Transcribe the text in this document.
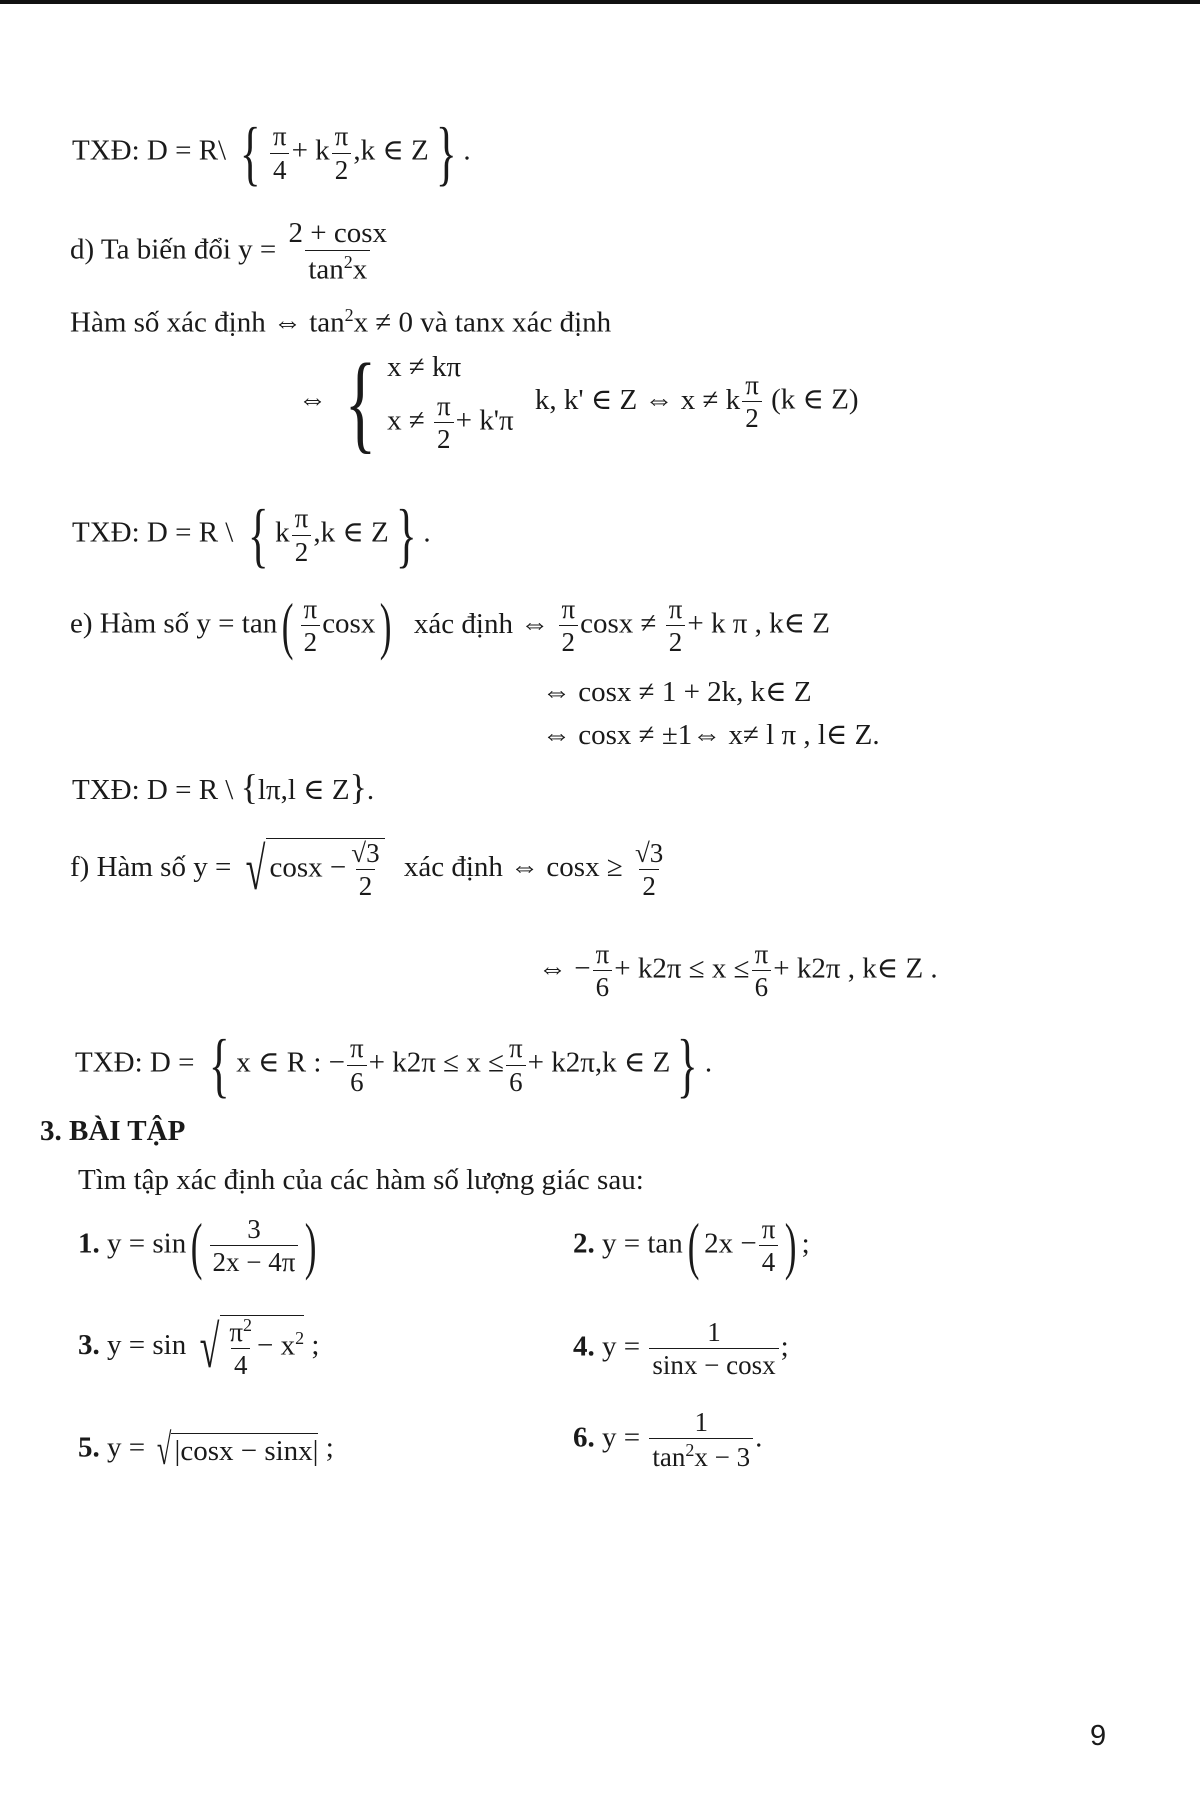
TXĐ: D = R\ { $\frac{\pi}{4} + k \frac{\pi}{2} ,k$ ∈ Z} .
d) Ta biến đổi $y = \frac{2 + \cos x}{\tan^2x}$
Hàm số xác định ⇔ $\tan^2x \ne 0$ và tanx xác định
⇔ { x ≠ kπ
$x \ne \frac{\pi}{2} + k'\pi$
k, k' ∈ Z ⇔ x ≠ k $\frac{\pi}{2} (k$ ∈ Z)
TXĐ: D = R \ { k $\frac{\pi}{2} ,k$ ∈ Z} .
e) Hàm số $y = \tan( \frac{\pi}{2} \cos x)$ xác định ⇔ $\frac{\pi}{2}$ $\cos x \ne \frac{\pi}{2} + k$ π , k∈ Z
⇔ cosx ≠ 1 + 2k, k∈ Z
⇔ cosx ≠ ±1⇔ x≠ l π , l∈ Z.
TXĐ: D = R \ {lπ,l ∈ Z}.
f) Hàm số y = √ $\cos x - \frac{√3}{2}$ xác định ⇔ $\cos x \ge \frac{√3}{2}$
⇔ − $\frac{\pi}{6} + k2\pi \le x \le \frac{\pi}{6} + k2\pi$ , k∈ Z .
TXĐ: D = { x ∈ R : − $\frac{\pi}{6} + k2\pi \le x \le \frac{\pi}{6} + k2\pi,k$ ∈ Z} .
3. BÀI TẬP
Tìm tập xác định của các hàm số lượng giác sau:
1. $y = \sin( \frac{3}{2x - 4\pi}$ )	2. y = tan( $2x - \frac{\pi}{4}$ ) ;
3. y = sin √ $\frac{\pi^2}{4} - x^2$ ;	4. $y = \frac{1}{\sin x - \cos x}$ ;
5. y = √ |cosx − sinx| ;	6. $y = \frac{1}{\tan^2x - 3}$ .
9
